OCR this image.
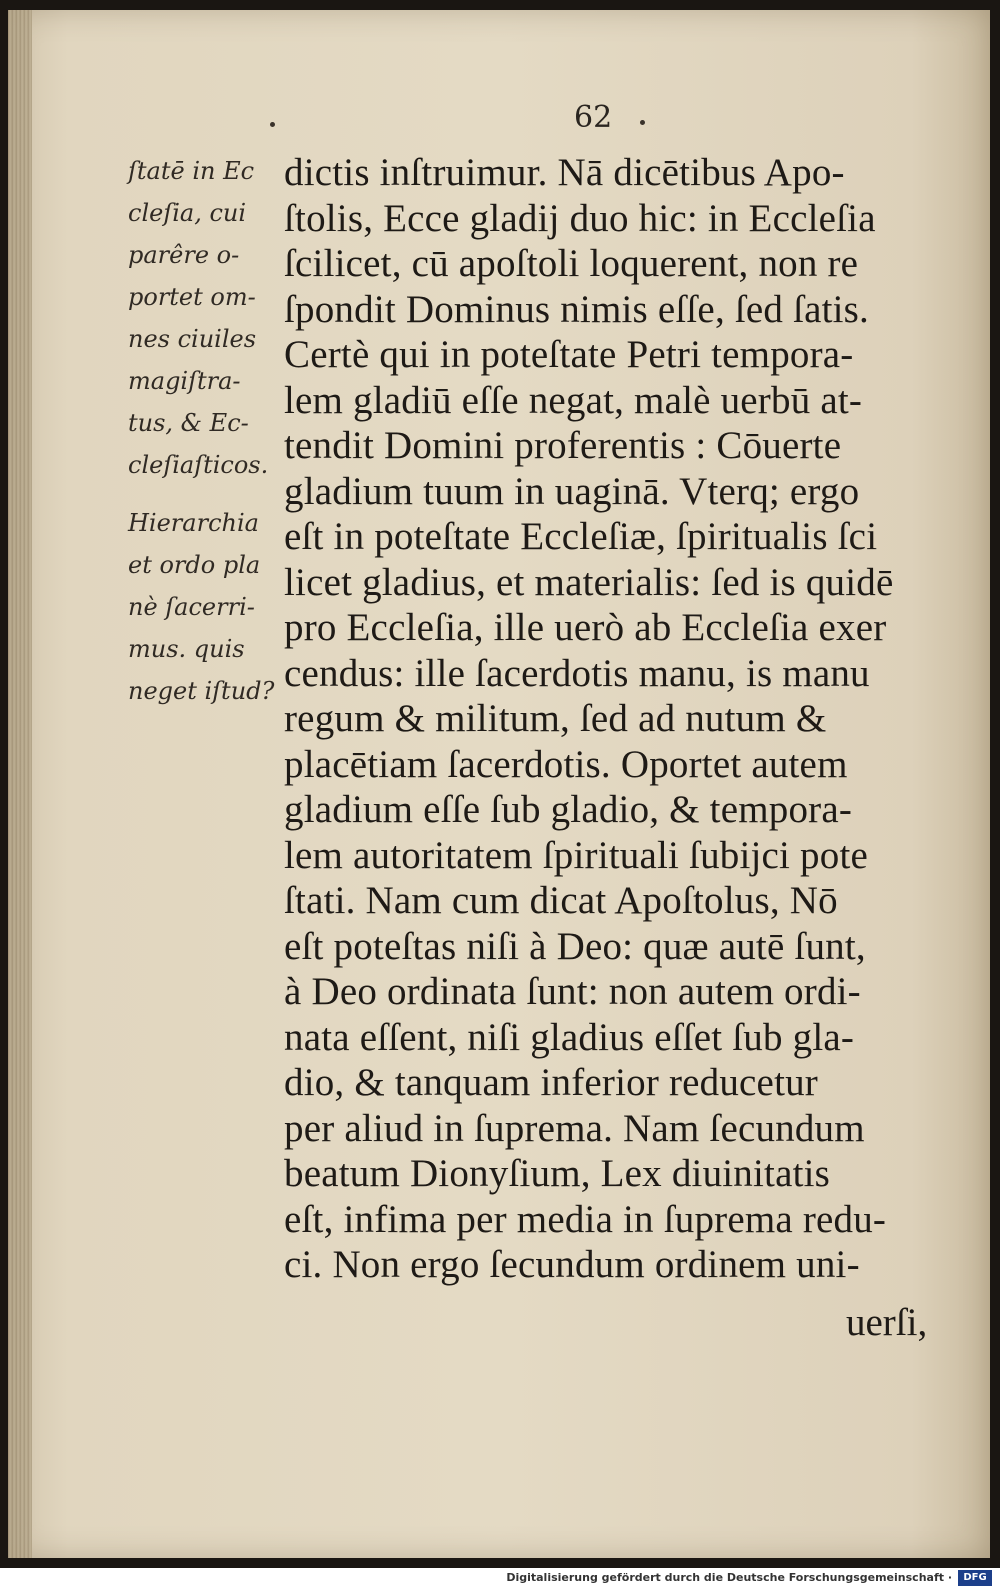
62
ſtatē in Ec
cleſia, cui
parêre o-
portet om-
nes ciuiles
magiſtra-
tus, & Ec-
cleſiaſticos.
Hierarchia
et ordo pla
nè ſacerri-
mus. quis
neget iſtud?
dictis inſtruimur. Nā dicētibus Apo-
ſtolis, Ecce gladij duo hic: in Eccleſia
ſcilicet, cū apoſtoli loquerent, non re
ſpondit Dominus nimis eſſe, ſed ſatis.
Certè qui in poteſtate Petri tempora-
lem gladiū eſſe negat, malè uerbū at-
tendit Domini proferentis : Cōuerte
gladium tuum in uaginā. Vterq; ergo
eſt in poteſtate Eccleſiæ, ſpiritualis ſci
licet gladius, et materialis: ſed is quidē
pro Eccleſia, ille uerò ab Eccleſia exer
cendus: ille ſacerdotis manu, is manu
regum & militum, ſed ad nutum &
placētiam ſacerdotis. Oportet autem
gladium eſſe ſub gladio, & tempora-
lem autoritatem ſpirituali ſubijci pote
ſtati. Nam cum dicat Apoſtolus, Nō
eſt poteſtas niſi à Deo: quæ autē ſunt,
à Deo ordinata ſunt: non autem ordi-
nata eſſent, niſi gladius eſſet ſub gla-
dio, & tanquam inferior reducetur
per aliud in ſuprema. Nam ſecundum
beatum Dionyſium, Lex diuinitatis
eſt, infima per media in ſuprema redu-
ci. Non ergo ſecundum ordinem uni-
uerſi,
Digitalisierung gefördert durch die Deutsche Forschungsgemeinschaft ·	DFG
